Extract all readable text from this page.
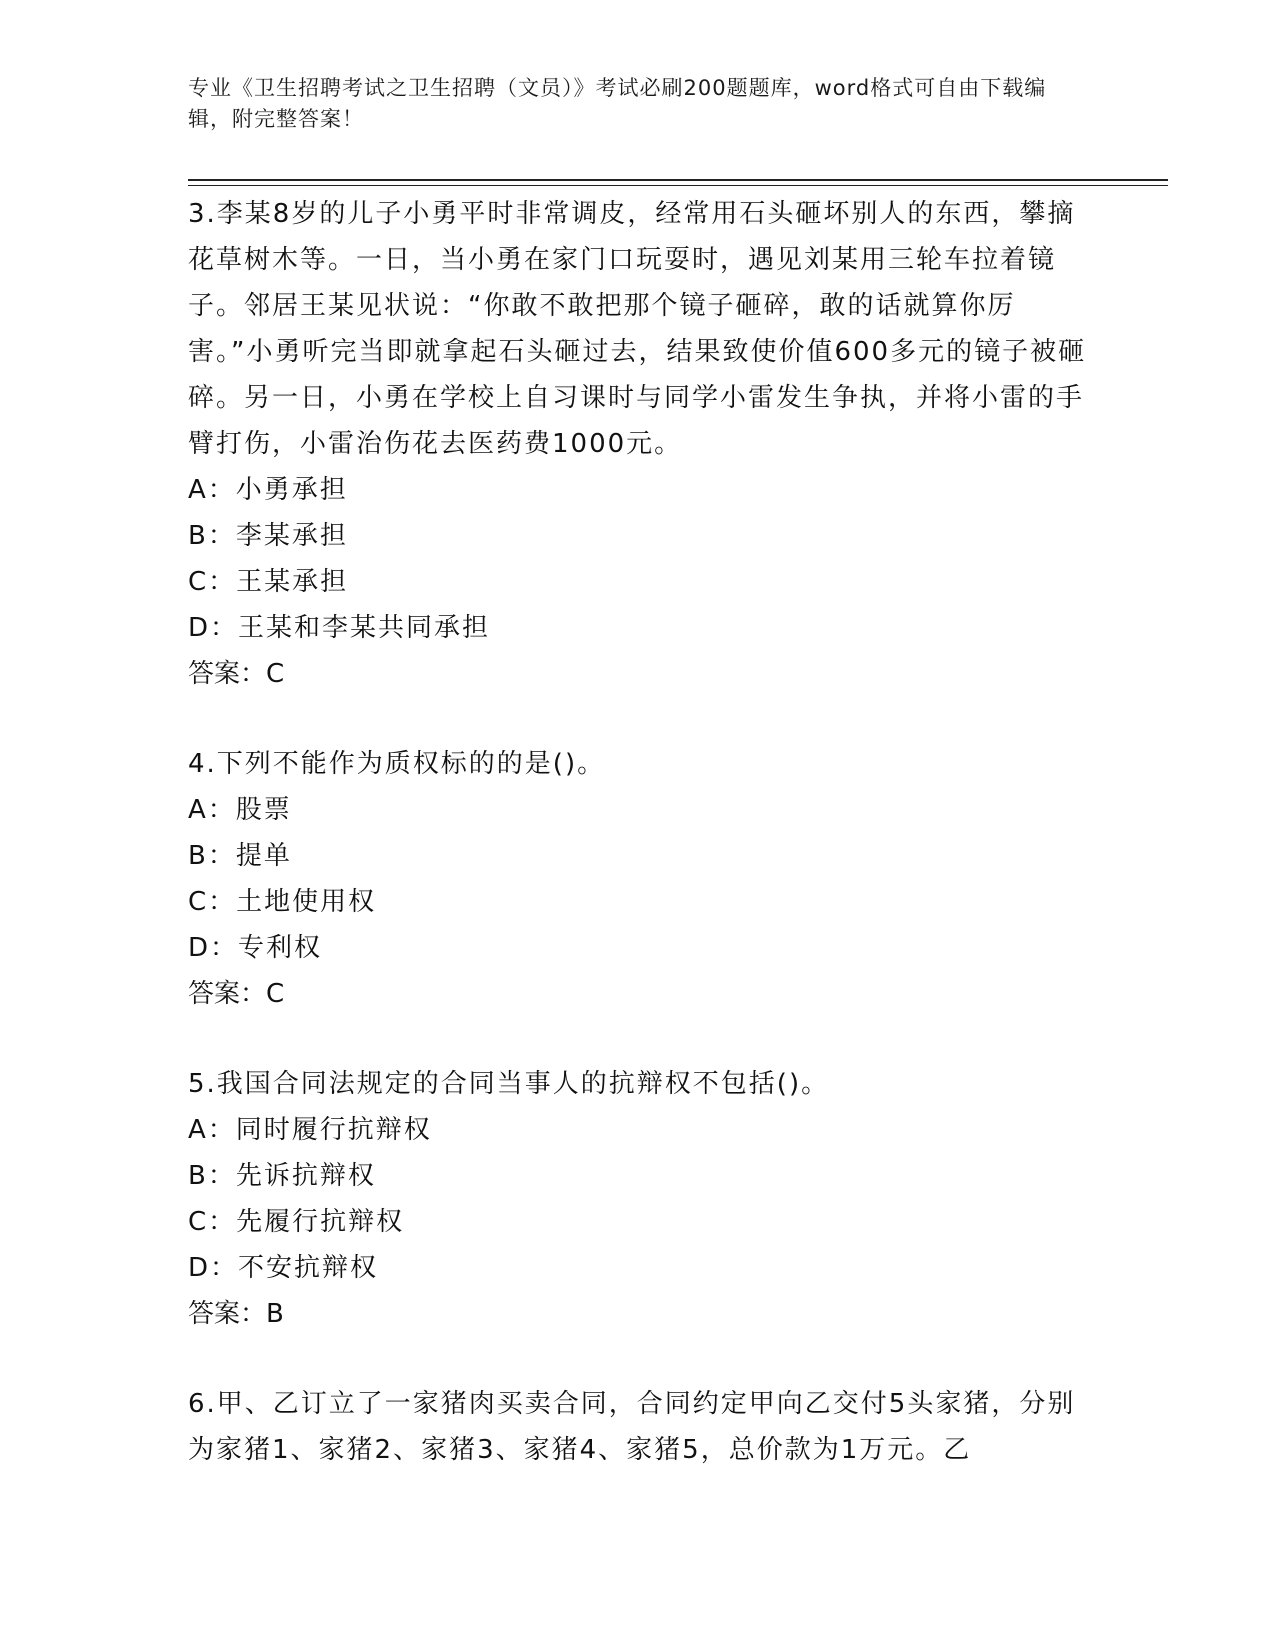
专业《卫生招聘考试之卫生招聘（文员）》考试必刷200题题库，word格式可自由下载编辑，附完整答案！

3.李某8岁的儿子小勇平时非常调皮，经常用石头砸坏别人的东西，攀摘花草树木等。一日，当小勇在家门口玩耍时，遇见刘某用三轮车拉着镜子。邻居王某见状说：“你敢不敢把那个镜子砸碎，敢的话就算你厉害。”小勇听完当即就拿起石头砸过去，结果致使价值600多元的镜子被砸碎。另一日，小勇在学校上自习课时与同学小雷发生争执，并将小雷的手臂打伤，小雷治伤花去医药费1000元。

A：小勇承担

B：李某承担

C：王某承担

D：王某和李某共同承担

答案：C

4.下列不能作为质权标的的是()。

A：股票

B：提单

C：土地使用权

D：专利权

答案：C

5.我国合同法规定的合同当事人的抗辩权不包括()。

A：同时履行抗辩权

B：先诉抗辩权

C：先履行抗辩权

D：不安抗辩权

答案：B

6.甲、乙订立了一家猪肉买卖合同，合同约定甲向乙交付5头家猪，分别为家猪1、家猪2、家猪3、家猪4、家猪5，总价款为1万元。乙
